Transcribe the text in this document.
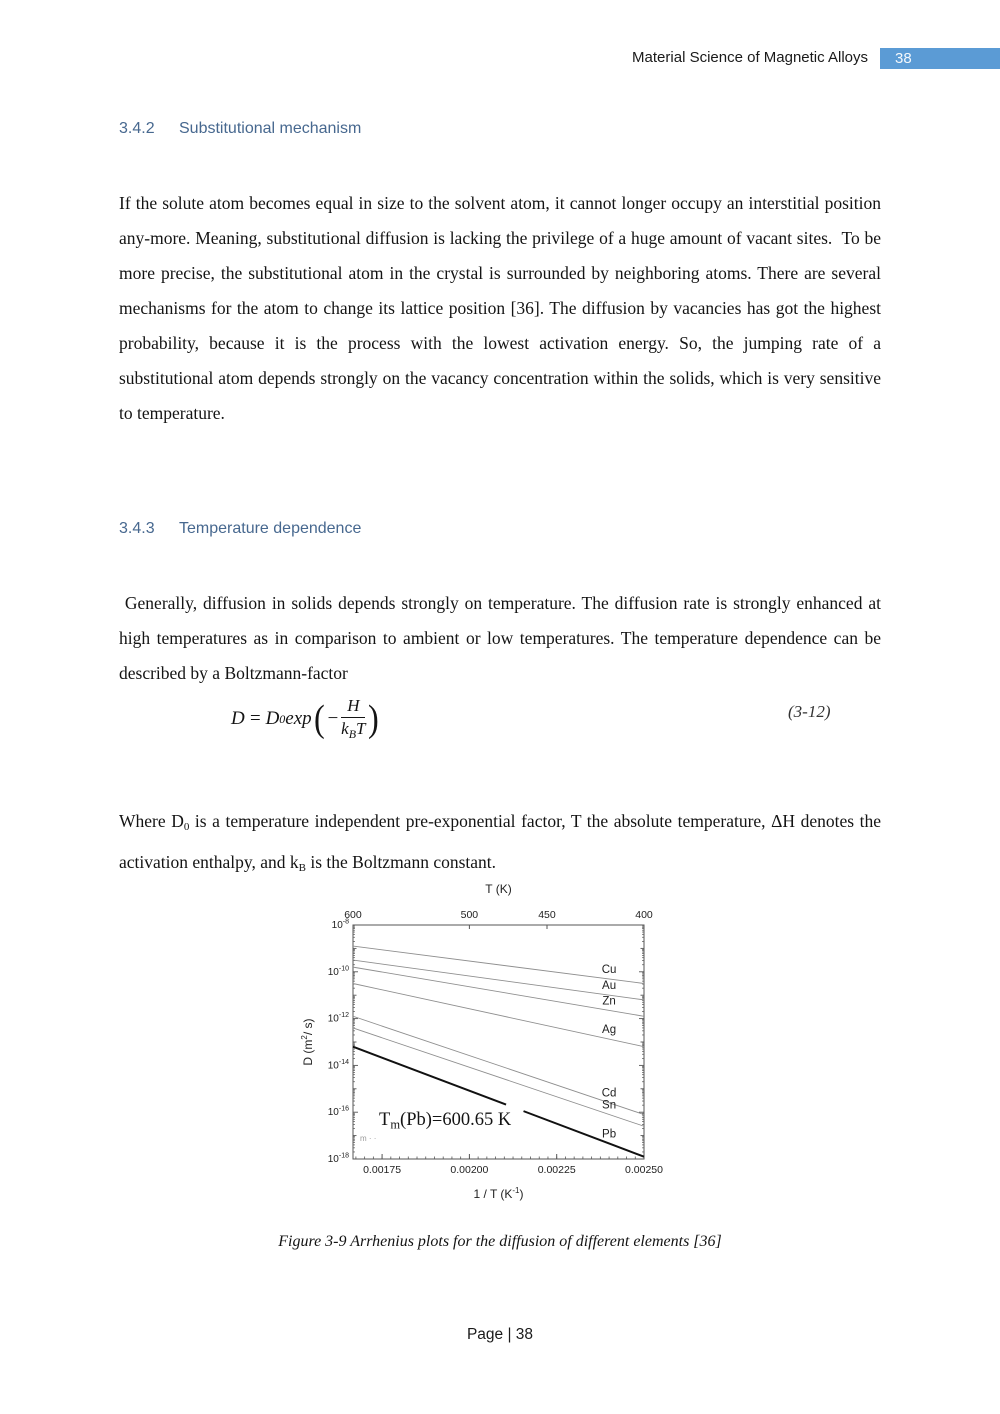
Material Science of Magnetic Alloys	38
3.4.2 Substitutional mechanism

If the solute atom becomes equal in size to the solvent atom, it cannot longer occupy an interstitial position any-more. Meaning, substitutional diffusion is lacking the privilege of a huge amount of vacant sites.  To be more precise, the substitutional atom in the crystal is surrounded by neighboring atoms. There are several mechanisms for the atom to change its lattice position [36]. The diffusion by vacancies has got the highest probability, because it is the process with the lowest activation energy. So, the jumping rate of a substitutional atom depends strongly on the vacancy concentration within the solids, which is very sensitive to temperature.

3.4.3 Temperature dependence

Generally, diffusion in solids depends strongly on temperature. The diffusion rate is strongly enhanced at high temperatures as in comparison to ambient or low temperatures. The temperature dependence can be described by a Boltzmann-factor

D = D 0 exp ( − $\frac{H}{k_BT}$ )	(3-12)

Where $D_0$ is a temperature independent pre-exponential factor, T the absolute temperature, ΔH denotes the activation enthalpy, and $k_B$ is the Boltzmann constant.

600	500	450	400
T (K)
0.00175	0.00200	0.00225	0.00250
1 / T $(K^{-1})$
$10^{-8}$
$10^{-10}$
$10^{-12}$
$10^{-14}$
$10^{-16}$
$10^{-18}$
D ($m^2/$ s)
Cu
Au
Zn
Ag
Cd
Sn
Pb
Tm(Pb)=600.65 K
m · ·
Figure 3-9 Arrhenius plots for the diffusion of different elements [36]
Page | 38
